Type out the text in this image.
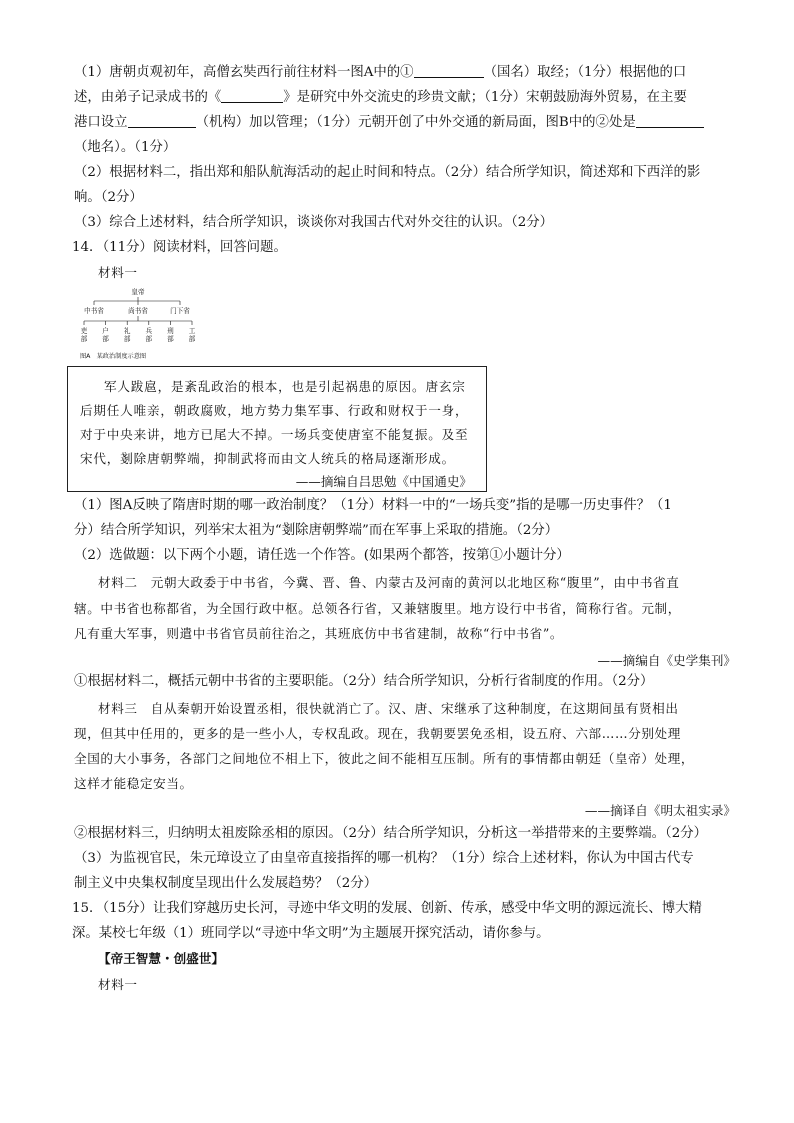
（1）唐朝贞观初年，高僧玄奘西行前往材料一图A中的①	（国名）取经；（1分）根据他的口
述，由弟子记录成书的《	》是研究中外交流史的珍贵文献；（1分）宋朝鼓励海外贸易，在主要
港口设立	（机构）加以管理；（1分）元朝开创了中外交通的新局面，图B中的②处是
（地名）。（1分）
（2）根据材料二，指出郑和船队航海活动的起止时间和特点。（2分）结合所学知识，简述郑和下西洋的影
响。（2分）
（3）综合上述材料，结合所学知识，谈谈你对我国古代对外交往的认识。（2分）
14．（11分）阅读材料，回答问题。
材料一
皇帝
中书省	尚书省	门下省
吏部
户部
礼部
兵部
刑部
工部
图A　某政治制度示意图
军人跋扈，是紊乱政治的根本，也是引起祸患的原因。唐玄宗
后期任人唯亲，朝政腐败，地方势力集军事、行政和财权于一身，
对于中央来讲，地方已尾大不掉。一场兵变使唐室不能复振。及至
宋代，剗除唐朝弊端，抑制武将而由文人统兵的格局逐渐形成。
——摘编自吕思勉《中国通史》
（1）图A反映了隋唐时期的哪一政治制度？（1分）材料一中的“一场兵变”指的是哪一历史事件？（1
分）结合所学知识，列举宋太祖为“剗除唐朝弊端”而在军事上采取的措施。（2分）
（2）选做题：以下两个小题，请任选一个作答。(如果两个都答，按第①小题计分）
材料二　元朝大政委于中书省，今冀、晋、鲁、内蒙古及河南的黄河以北地区称“腹里”，由中书省直
辖。中书省也称都省，为全国行政中枢。总领各行省，又兼辖腹里。地方设行中书省，简称行省。元制，
凡有重大军事，则遣中书省官员前往治之，其班底仿中书省建制，故称“行中书省”。
——摘编自《史学集刊》
①根据材料二，概括元朝中书省的主要职能。（2分）结合所学知识，分析行省制度的作用。（2分）
材料三　自从秦朝开始设置丞相，很快就消亡了。汉、唐、宋继承了这种制度，在这期间虽有贤相出
现，但其中任用的，更多的是一些小人，专权乱政。现在，我朝要罢免丞相，设五府、六部……分别处理
全国的大小事务，各部门之间地位不相上下，彼此之间不能相互压制。所有的事情都由朝廷（皇帝）处理，
这样才能稳定安当。
——摘译自《明太祖实录》
②根据材料三，归纳明太祖废除丞相的原因。（2分）结合所学知识，分析这一举措带来的主要弊端。（2分）
（3）为监视官民，朱元璋设立了由皇帝直接指挥的哪一机构？（1分）综合上述材料，你认为中国古代专
制主义中央集权制度呈现出什么发展趋势？（2分）
15．（15分）让我们穿越历史长河，寻迹中华文明的发展、创新、传承，感受中华文明的源远流长、博大精
深。某校七年级（1）班同学以“寻迹中华文明”为主题展开探究活动，请你参与。
【帝王智慧・创盛世】
材料一
